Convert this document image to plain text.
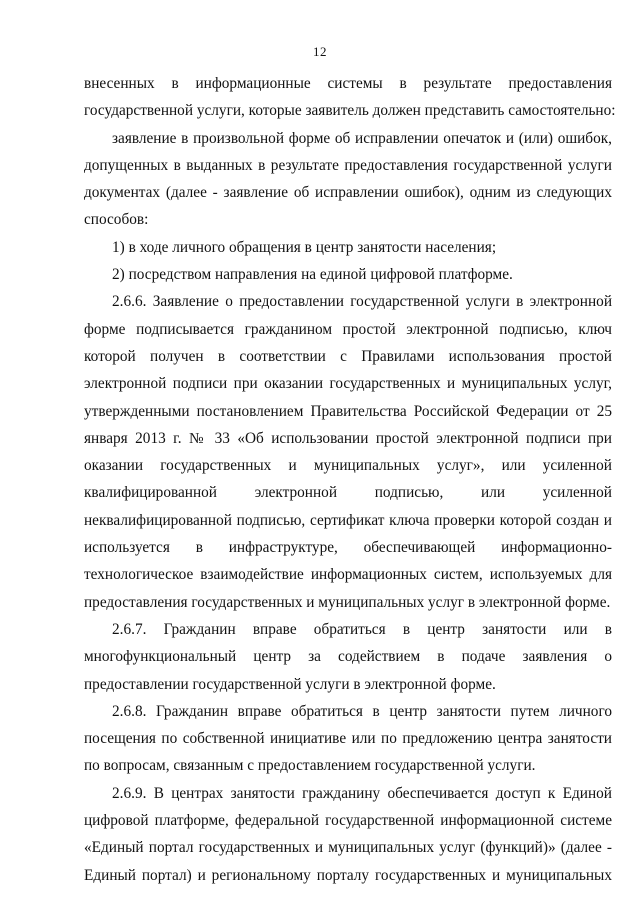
12
внесенных в информационные системы в результате предоставления
государственной услуги, которые заявитель должен представить самостоятельно:
заявление в произвольной форме об исправлении опечаток и (или) ошибок,
допущенных в выданных в результате предоставления государственной услуги
документах (далее - заявление об исправлении ошибок), одним из следующих
способов:
1) в ходе личного обращения в центр занятости населения;
2) посредством направления на единой цифровой платформе.
2.6.6. Заявление о предоставлении государственной услуги в электронной
форме подписывается гражданином простой электронной подписью, ключ
которой получен в соответствии с Правилами использования простой
электронной подписи при оказании государственных и муниципальных услуг,
утвержденными постановлением Правительства Российской Федерации от 25
января 2013 г. № 33 «Об использовании простой электронной подписи при
оказании государственных и муниципальных услуг», или усиленной
квалифицированной электронной подписью, или усиленной
неквалифицированной подписью, сертификат ключа проверки которой создан и
используется в инфраструктуре, обеспечивающей информационно-
технологическое взаимодействие информационных систем, используемых для
предоставления государственных и муниципальных услуг в электронной форме.
2.6.7. Гражданин вправе обратиться в центр занятости или в
многофункциональный центр за содействием в подаче заявления о
предоставлении государственной услуги в электронной форме.
2.6.8. Гражданин вправе обратиться в центр занятости путем личного
посещения по собственной инициативе или по предложению центра занятости
по вопросам, связанным с предоставлением государственной услуги.
2.6.9. В центрах занятости гражданину обеспечивается доступ к Единой
цифровой платформе, федеральной государственной информационной системе
«Единый портал государственных и муниципальных услуг (функций)» (далее -
Единый портал) и региональному порталу государственных и муниципальных
